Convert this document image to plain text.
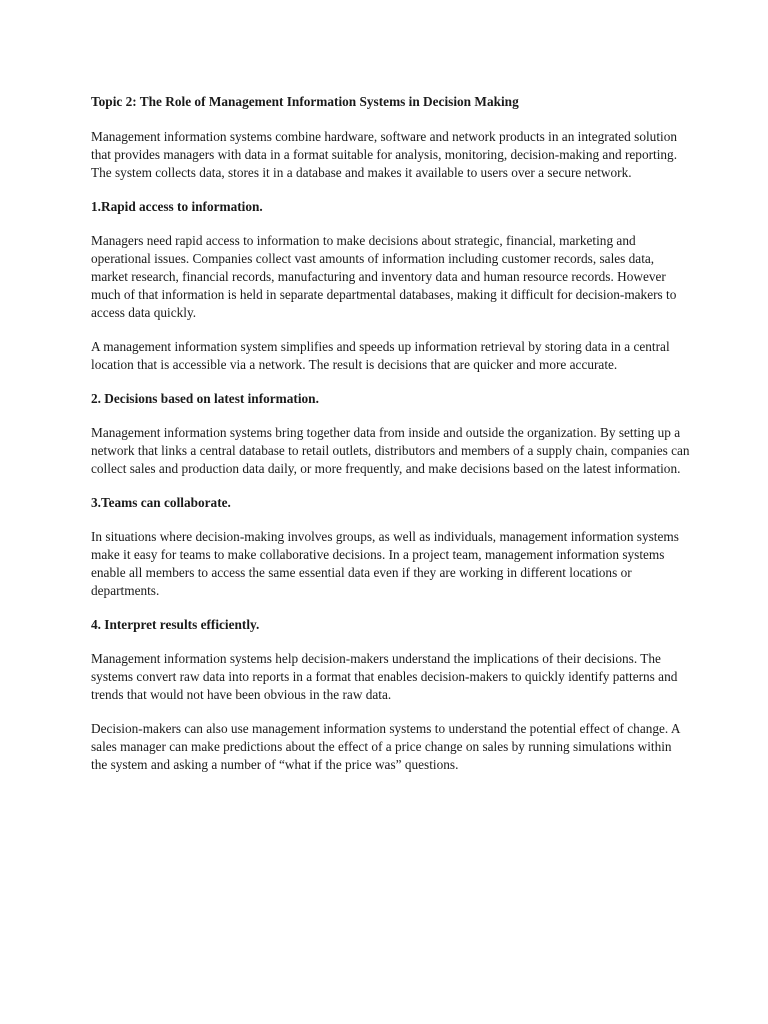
Topic 2: The Role of Management Information Systems in Decision Making

Management information systems combine hardware, software and network products in an integrated solution that provides managers with data in a format suitable for analysis, monitoring, decision-making and reporting. The system collects data, stores it in a database and makes it available to users over a secure network.

1.Rapid access to information.

Managers need rapid access to information to make decisions about strategic, financial, marketing and operational issues. Companies collect vast amounts of information including customer records, sales data, market research, financial records, manufacturing and inventory data and human resource records. However much of that information is held in separate departmental databases, making it difficult for decision-makers to access data quickly.

A management information system simplifies and speeds up information retrieval by storing data in a central location that is accessible via a network. The result is decisions that are quicker and more accurate.

2. Decisions based on latest information.

Management information systems bring together data from inside and outside the organization. By setting up a network that links a central database to retail outlets, distributors and members of a supply chain, companies can collect sales and production data daily, or more frequently, and make decisions based on the latest information.

3.Teams can collaborate.

In situations where decision-making involves groups, as well as individuals, management information systems make it easy for teams to make collaborative decisions. In a project team, management information systems enable all members to access the same essential data even if they are working in different locations or departments.

4. Interpret results efficiently.

Management information systems help decision-makers understand the implications of their decisions. The systems convert raw data into reports in a format that enables decision-makers to quickly identify patterns and trends that would not have been obvious in the raw data.

Decision-makers can also use management information systems to understand the potential effect of change. A sales manager can make predictions about the effect of a price change on sales by running simulations within the system and asking a number of “what if the price was” questions.
